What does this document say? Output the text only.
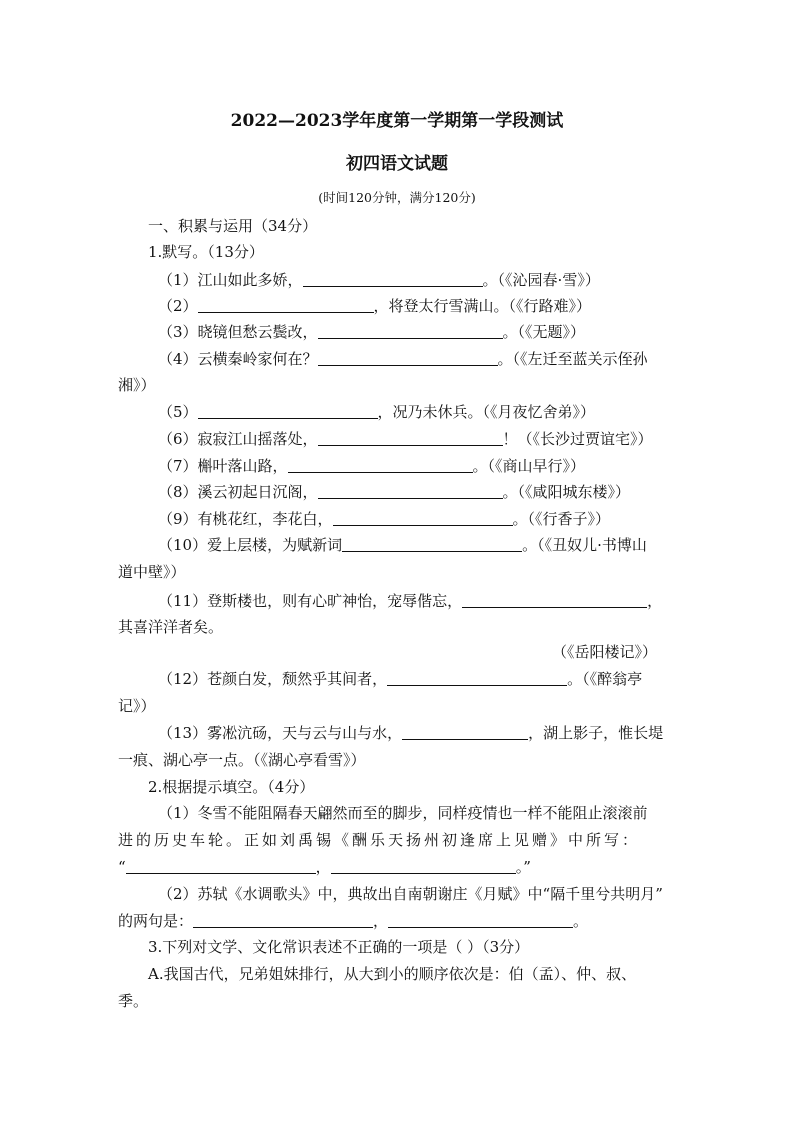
2022—2023学年度第一学期第一学段测试
初四语文试题
(时间120分钟，满分120分)
一、积累与运用（34分）
1.默写。（13分）
（1）江山如此多娇，	。（《沁园春·雪》）
（2）	，将登太行雪满山。（《行路难》）
（3）晓镜但愁云鬓改，	。（《无题》）
（4）云横秦岭家何在？	。（《左迁至蓝关示侄孙
湘》）
（5）	，况乃未休兵。（《月夜忆舍弟》）
（6）寂寂江山摇落处，	！（《长沙过贾谊宅》）
（7）槲叶落山路，	。（《商山早行》）
（8）溪云初起日沉阁，	。（《咸阳城东楼》）
（9）有桃花红，李花白，	。（《行香子》）
（10）爱上层楼，为赋新词	。（《丑奴儿·书博山
道中壁》）
（11）登斯楼也，则有心旷神怡，宠辱偕忘，	，
其喜洋洋者矣。
（《岳阳楼记》）
（12）苍颜白发，颓然乎其间者，	。（《醉翁亭
记》）
（13）雾凇沆砀，天与云与山与水，	，湖上影子，惟长堤
一痕、湖心亭一点。（《湖心亭看雪》）
2.根据提示填空。（4分）
（1）冬雪不能阻隔春天翩然而至的脚步，同样疫情也一样不能阻止滚滚前
进的历史车轮。正如刘禹锡《酬乐天扬州初逢席上见赠》中所写：
“	，	。”
（2）苏轼《水调歌头》中，典故出自南朝谢庄《月赋》中“隔千里兮共明月”
的两句是：	，	。
3.下列对文学、文化常识表述不正确的一项是（ ）（3分）
A.我国古代，兄弟姐妹排行，从大到小的顺序依次是：伯（孟）、仲、叔、
季。
